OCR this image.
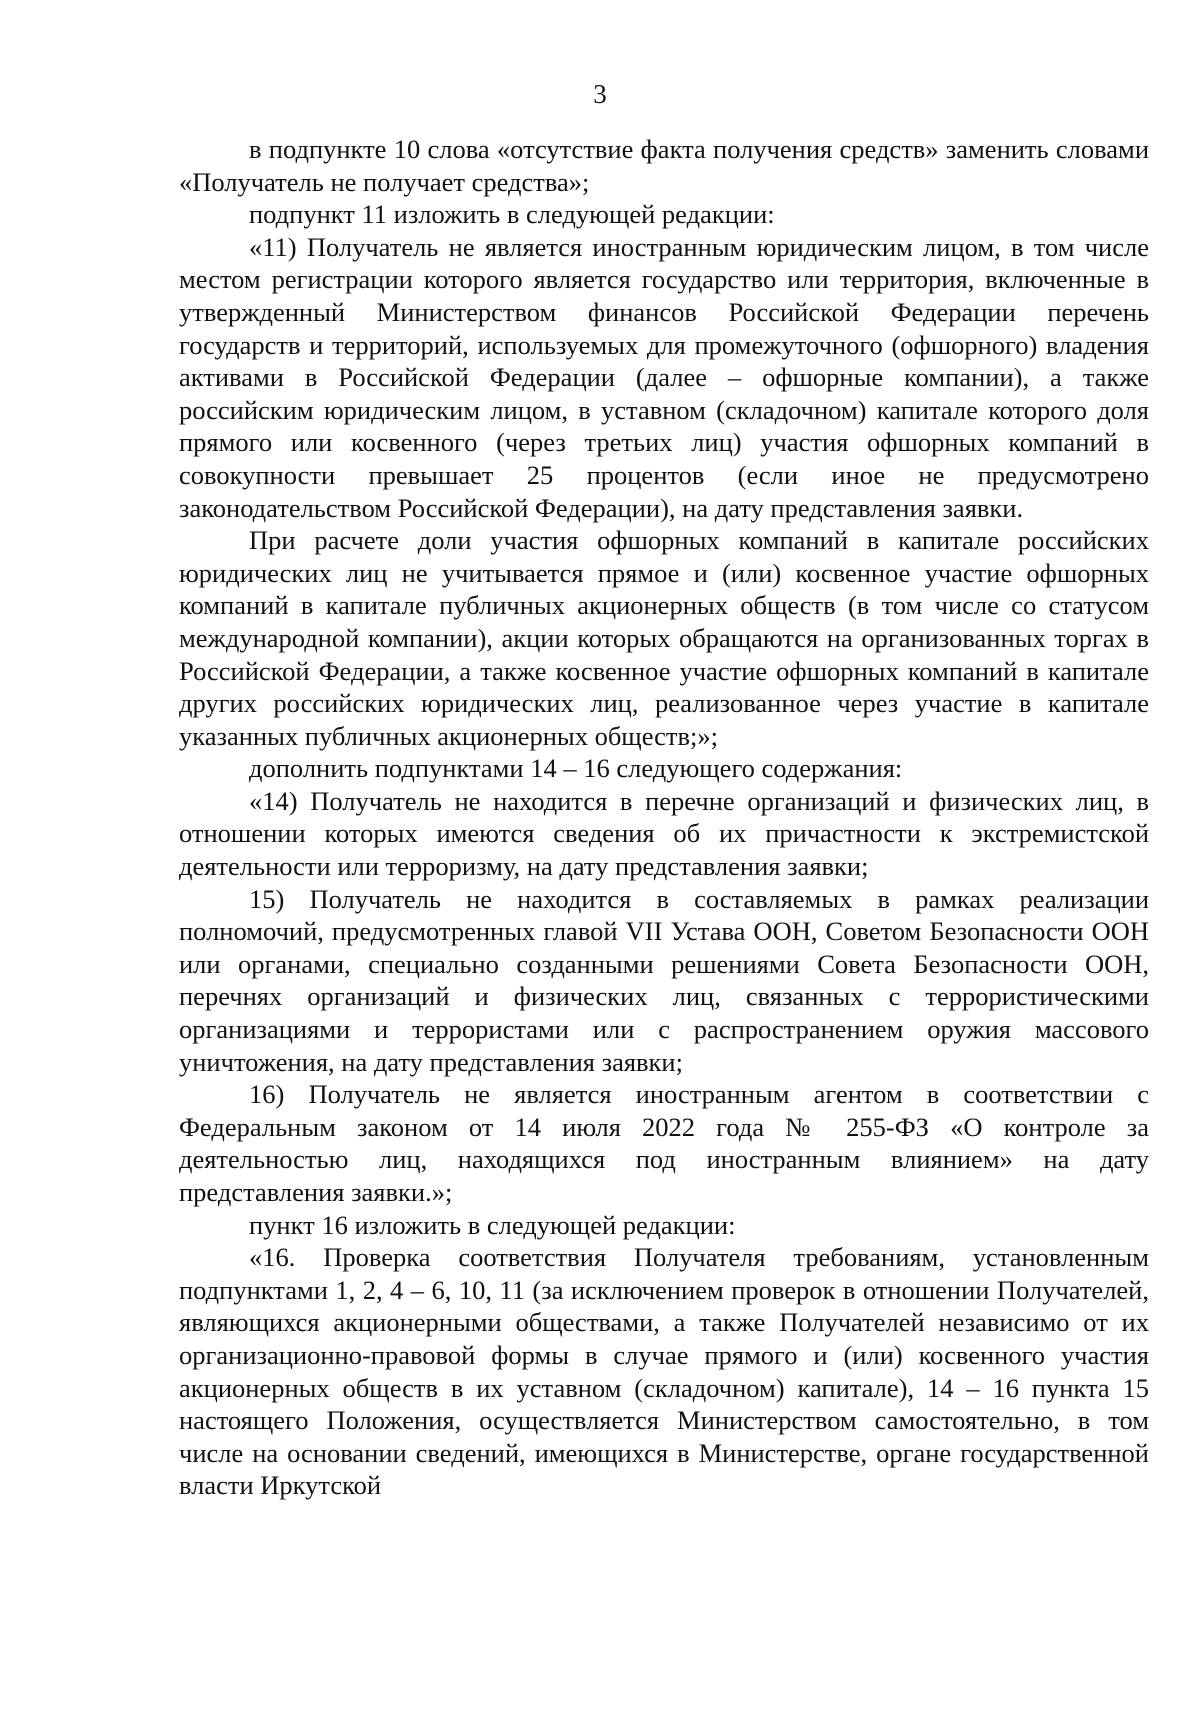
3

в подпункте 10 слова «отсутствие факта получения средств» заменить словами «Получатель не получает средства»;

подпункт 11 изложить в следующей редакции:

«11) Получатель не является иностранным юридическим лицом, в том числе местом регистрации которого является государство или территория, включенные в утвержденный Министерством финансов Российской Федерации перечень государств и территорий, используемых для промежуточного (офшорного) владения активами в Российской Федерации (далее – офшорные компании), а также российским юридическим лицом, в уставном (складочном) капитале которого доля прямого или косвенного (через третьих лиц) участия офшорных компаний в совокупности превышает 25 процентов (если иное не предусмотрено законодательством Российской Федерации), на дату представления заявки.

При расчете доли участия офшорных компаний в капитале российских юридических лиц не учитывается прямое и (или) косвенное участие офшорных компаний в капитале публичных акционерных обществ (в том числе со статусом международной компании), акции которых обращаются на организованных торгах в Российской Федерации, а также косвенное участие офшорных компаний в капитале других российских юридических лиц, реализованное через участие в капитале указанных публичных акционерных обществ;»;

дополнить подпунктами 14 – 16 следующего содержания:

«14) Получатель не находится в перечне организаций и физических лиц, в отношении которых имеются сведения об их причастности к экстремистской деятельности или терроризму, на дату представления заявки;

15) Получатель не находится в составляемых в рамках реализации полномочий, предусмотренных главой VII Устава ООН, Советом Безопасности ООН или органами, специально созданными решениями Совета Безопасности ООН, перечнях организаций и физических лиц, связанных с террористическими организациями и террористами или с распространением оружия массового уничтожения, на дату представления заявки;

16) Получатель не является иностранным агентом в соответствии с Федеральным законом от 14 июля 2022 года № 255-ФЗ «О контроле за деятельностью лиц, находящихся под иностранным влиянием» на дату представления заявки.»;

пункт 16 изложить в следующей редакции:

«16. Проверка соответствия Получателя требованиям, установленным подпунктами 1, 2, 4 – 6, 10, 11 (за исключением проверок в отношении Получателей, являющихся акционерными обществами, а также Получателей независимо от их организационно-правовой формы в случае прямого и (или) косвенного участия акционерных обществ в их уставном (складочном) капитале), 14 – 16 пункта 15 настоящего Положения, осуществляется Министерством самостоятельно, в том числе на основании сведений, имеющихся в Министерстве, органе государственной власти Иркутской
